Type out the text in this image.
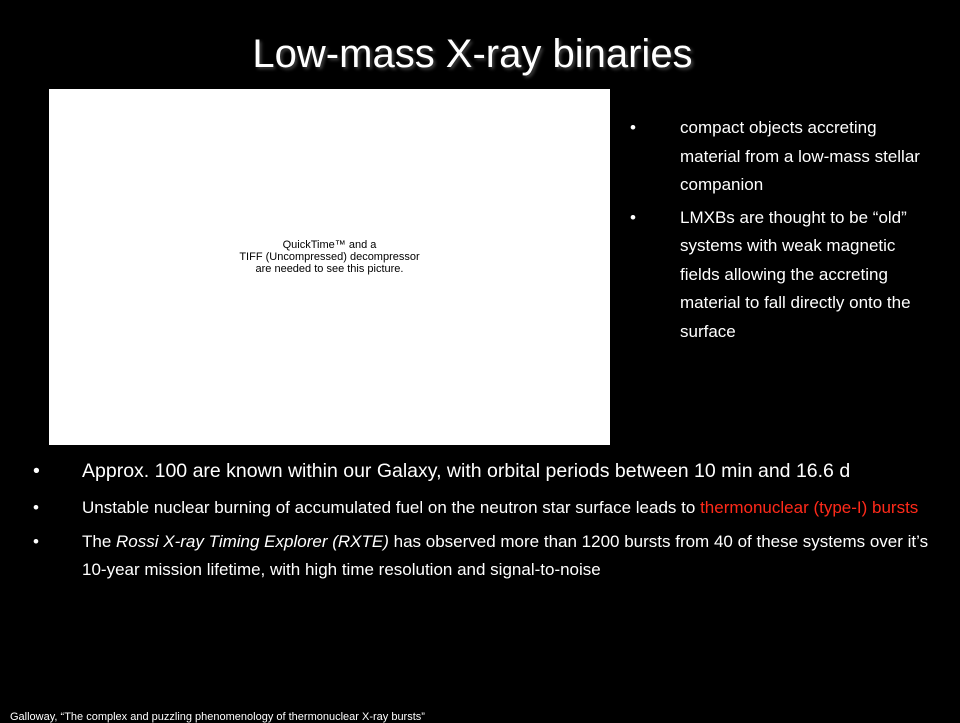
Low-mass X-ray binaries
QuickTime™ and a
TIFF (Uncompressed) decompressor
are needed to see this picture.
•	compact objects accreting material from a low-mass stellar companion
•	LMXBs are thought to be “old” systems with weak magnetic fields allowing the accreting material to fall directly onto the surface
• Approx. 100 are known within our Galaxy, with orbital periods between 10 min and 16.6 d
•	Unstable nuclear burning of accumulated fuel on the neutron star surface leads to thermonuclear (type-I) bursts
•	The Rossi X-ray Timing Explorer (RXTE) has observed more than 1200 bursts from 40 of these systems over it’s 10-year mission lifetime, with high time resolution and signal-to-noise
Galloway, “The complex and puzzling phenomenology of thermonuclear X-ray bursts”
